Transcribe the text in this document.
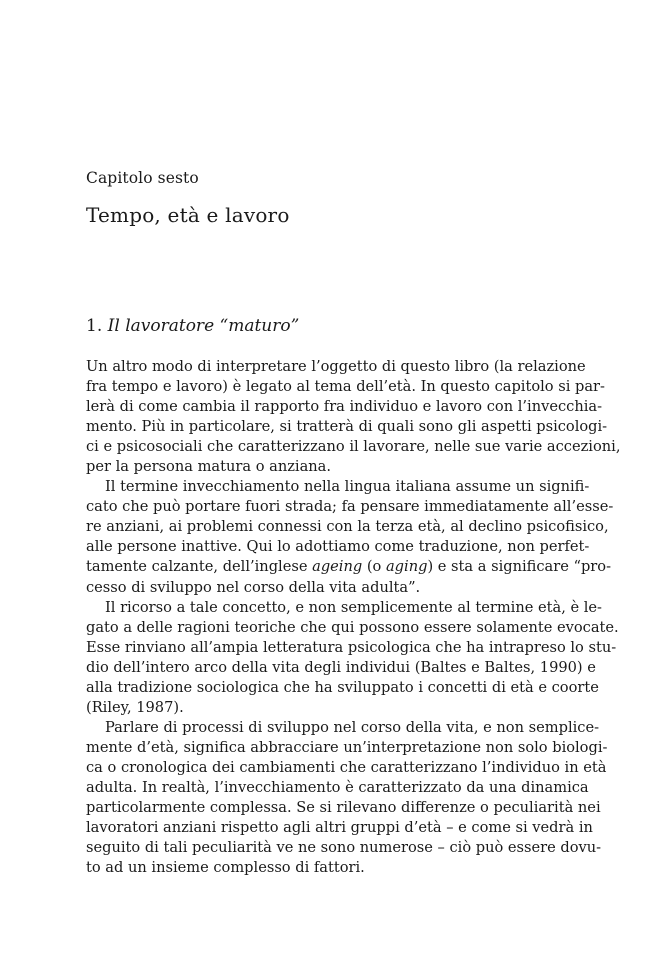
Capitolo sesto
Tempo, età e lavoro
1. Il lavoratore “maturo”
Un altro modo di interpretare l’oggetto di questo libro (la relazione
fra tempo e lavoro) è legato al tema dell’età. In questo capitolo si par-
lerà di come cambia il rapporto fra individuo e lavoro con l’invecchia-
mento. Più in particolare, si tratterà di quali sono gli aspetti psicologi-
ci e psicosociali che caratterizzano il lavorare, nelle sue varie accezioni,
per la persona matura o anziana.
Il termine invecchiamento nella lingua italiana assume un signifi-
cato che può portare fuori strada; fa pensare immediatamente all’esse-
re anziani, ai problemi connessi con la terza età, al declino psicofisico,
alle persone inattive. Qui lo adottiamo come traduzione, non perfet-
tamente calzante, dell’inglese ageing (o aging) e sta a significare “pro-
cesso di sviluppo nel corso della vita adulta”.
Il ricorso a tale concetto, e non semplicemente al termine età, è le-
gato a delle ragioni teoriche che qui possono essere solamente evocate.
Esse rinviano all’ampia letteratura psicologica che ha intrapreso lo stu-
dio dell’intero arco della vita degli individui (Baltes e Baltes, 1990) e
alla tradizione sociologica che ha sviluppato i concetti di età e coorte
(Riley, 1987).
Parlare di processi di sviluppo nel corso della vita, e non semplice-
mente d’età, significa abbracciare un’interpretazione non solo biologi-
ca o cronologica dei cambiamenti che caratterizzano l’individuo in età
adulta. In realtà, l’invecchiamento è caratterizzato da una dinamica
particolarmente complessa. Se si rilevano differenze o peculiarità nei
lavoratori anziani rispetto agli altri gruppi d’età – e come si vedrà in
seguito di tali peculiarità ve ne sono numerose – ciò può essere dovu-
to ad un insieme complesso di fattori.
